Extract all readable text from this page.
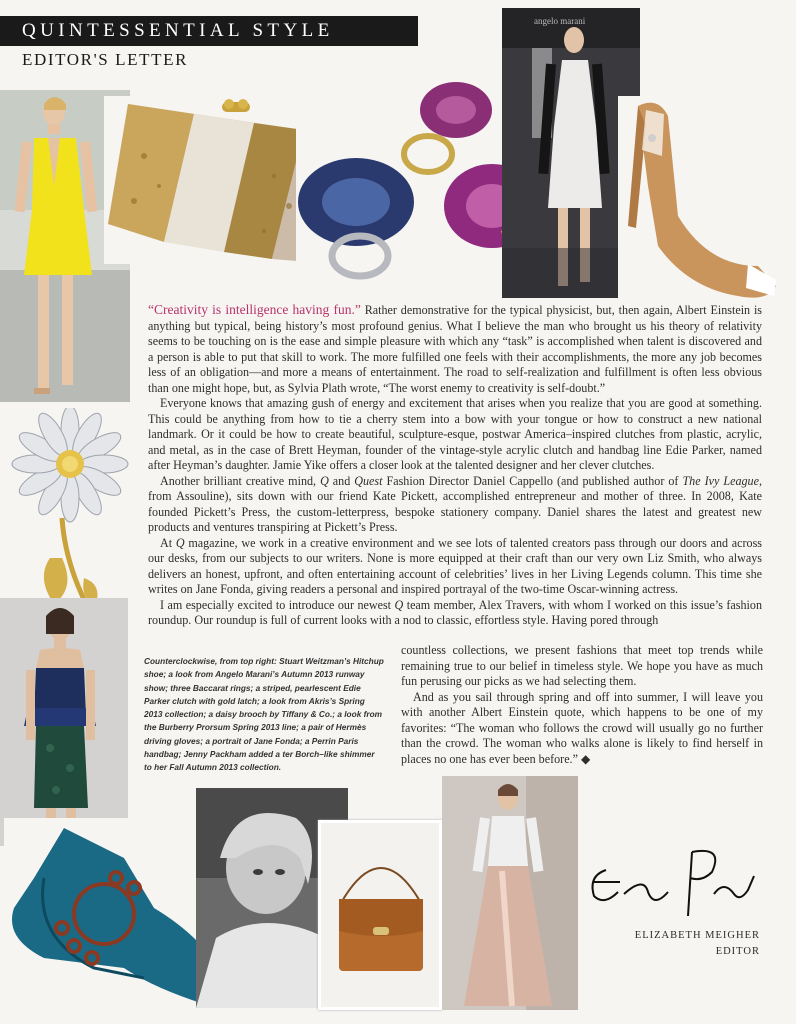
QUINTESSENTIAL STYLE
EDITOR'S LETTER
angelo marani

“Creativity is intelligence having fun.” Rather demonstrative for the typical physicist, but, then again, Albert Einstein is anything but typical, being history’s most profound genius. What I believe the man who brought us his theory of relativity seems to be touching on is the ease and simple pleasure with which any “task” is accomplished when talent is discovered and a person is able to put that skill to work. The more fulfilled one feels with their accomplishments, the more any job becomes less of an obligation—and more a means of entertainment. The road to self-realization and fulfillment is often less obvious than one might hope, but, as Sylvia Plath wrote, “The worst enemy to creativity is self-doubt.”

Everyone knows that amazing gush of energy and excitement that arises when you realize that you are good at something. This could be anything from how to tie a cherry stem into a bow with your tongue or how to construct a new national landmark. Or it could be how to create beautiful, sculpture-esque, postwar America–inspired clutches from plastic, acrylic, and metal, as in the case of Brett Heyman, founder of the vintage-style acrylic clutch and handbag line Edie Parker, named after Heyman’s daughter. Jamie Yike offers a closer look at the talented designer and her clever clutches.

Another brilliant creative mind, Q and Quest Fashion Director Daniel Cappello (and published author of The Ivy League, from Assouline), sits down with our friend Kate Pickett, accomplished entrepreneur and mother of three. In 2008, Kate founded Pickett’s Press, the custom-letterpress, bespoke stationery company. Daniel shares the latest and greatest new products and ventures transpiring at Pickett’s Press.

At Q magazine, we work in a creative environment and we see lots of talented creators pass through our doors and across our desks, from our subjects to our writers. None is more equipped at their craft than our very own Liz Smith, who always delivers an honest, upfront, and often entertaining account of celebrities’ lives in her Living Legends column. This time she writes on Jane Fonda, giving readers a personal and inspired portrayal of the two-time Oscar-winning actress.

I am especially excited to introduce our newest Q team member, Alex Travers, with whom I worked on this issue’s fashion roundup. Our roundup is full of current looks with a nod to classic, effortless style. Having pored through

countless collections, we present fashions that meet top trends while remaining true to our belief in timeless style. We hope you have as much fun perusing our picks as we had selecting them.

And as you sail through spring and off into summer, I will leave you with another Albert Einstein quote, which happens to be one of my favorites: “The woman who follows the crowd will usually go no further than the crowd. The woman who walks alone is likely to find herself in places no one has ever been before.” ◆

Counterclockwise, from top right: Stuart Weitzman’s Hitchup shoe; a look from Angelo Marani’s Autumn 2013 runway show; three Baccarat rings; a striped, pearlescent Edie Parker clutch with gold latch; a look from Akris’s Spring 2013 collection; a daisy brooch by Tiffany & Co.; a look from the Burberry Prorsum Spring 2013 line; a pair of Hermès driving gloves; a portrait of Jane Fonda; a Perrin Paris handbag; Jenny Packham added a ter Borch–like shimmer to her Fall Autumn 2013 collection.
ELIZABETH MEIGHER
EDITOR
